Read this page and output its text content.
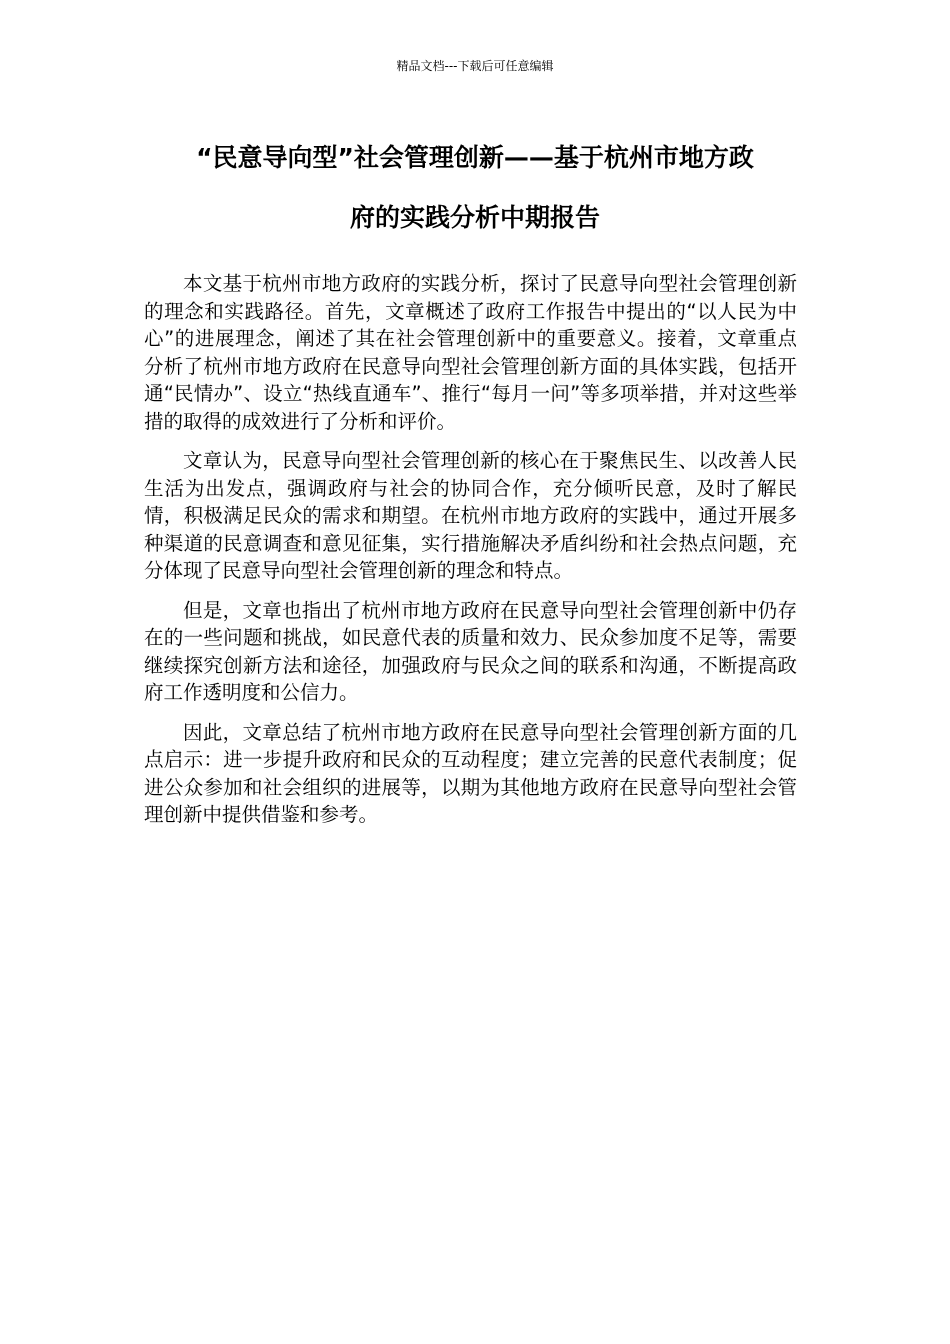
精品文档---下载后可任意编辑
“民意导向型”社会管理创新——基于杭州市地方政
府的实践分析中期报告

本文基于杭州市地方政府的实践分析，探讨了民意导向型社会管理创新的理念和实践路径。首先，文章概述了政府工作报告中提出的“以人民为中心”的进展理念，阐述了其在社会管理创新中的重要意义。接着，文章重点分析了杭州市地方政府在民意导向型社会管理创新方面的具体实践，包括开通“民情办”、设立“热线直通车”、推行“每月一问”等多项举措，并对这些举措的取得的成效进行了分析和评价。

文章认为，民意导向型社会管理创新的核心在于聚焦民生、以改善人民生活为出发点，强调政府与社会的协同合作，充分倾听民意，及时了解民情，积极满足民众的需求和期望。在杭州市地方政府的实践中，通过开展多种渠道的民意调查和意见征集，实行措施解决矛盾纠纷和社会热点问题，充分体现了民意导向型社会管理创新的理念和特点。

但是，文章也指出了杭州市地方政府在民意导向型社会管理创新中仍存在的一些问题和挑战，如民意代表的质量和效力、民众参加度不足等，需要继续探究创新方法和途径，加强政府与民众之间的联系和沟通，不断提高政府工作透明度和公信力。

因此，文章总结了杭州市地方政府在民意导向型社会管理创新方面的几点启示：进一步提升政府和民众的互动程度；建立完善的民意代表制度；促进公众参加和社会组织的进展等，以期为其他地方政府在民意导向型社会管理创新中提供借鉴和参考。
